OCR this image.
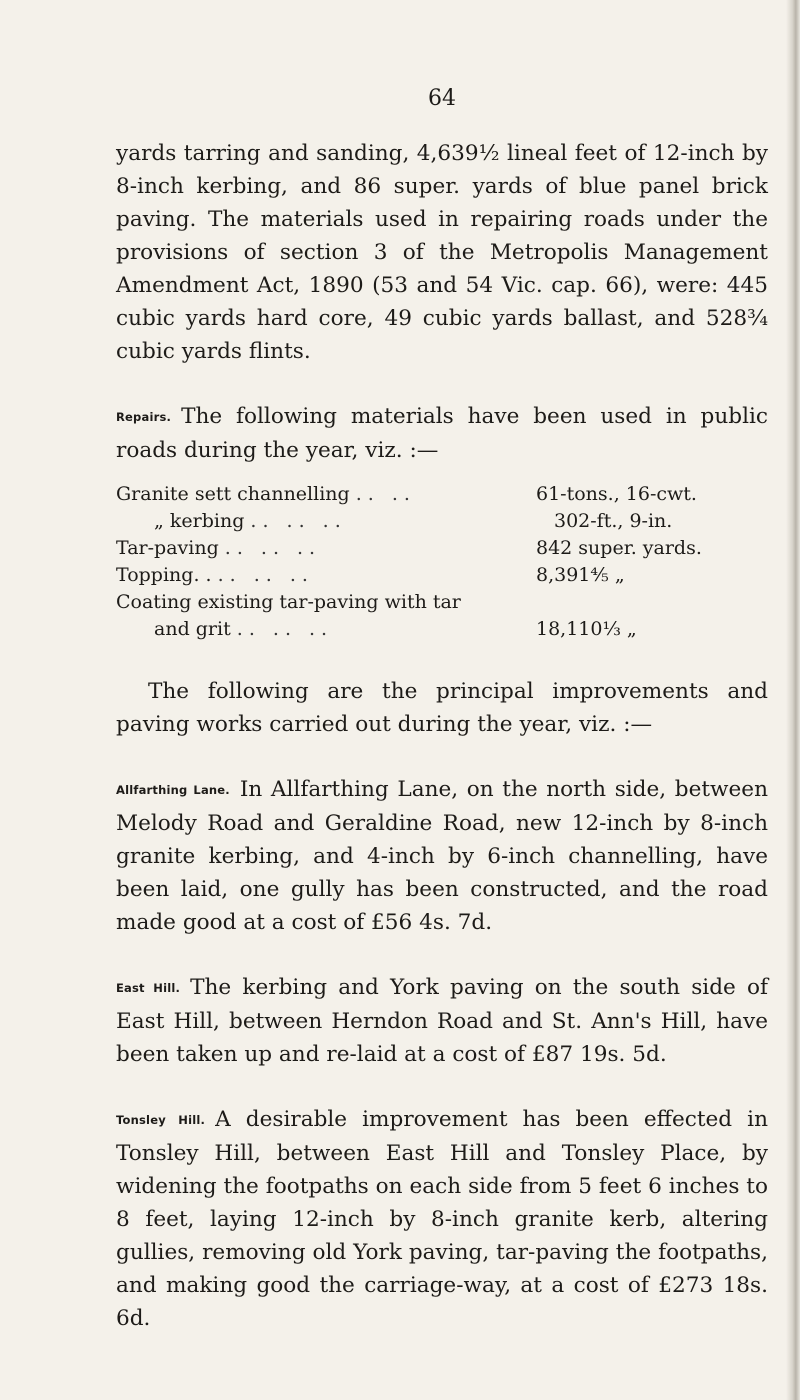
64

yards tarring and sanding, 4,639½ lineal feet of 12-inch by 8-inch kerbing, and 86 super. yards of blue panel brick paving. The materials used in repairing roads under the provisions of section 3 of the Metropolis Management Amendment Act, 1890 (53 and 54 Vic. cap. 66), were: 445 cubic yards hard core, 49 cubic yards ballast, and 528¾ cubic yards flints.

Repairs. The following materials have been used in public roads during the year, viz. :—

Granite sett channelling .. ..	61-tons., 16-cwt.
„ kerbing .. .. ..	302-ft., 9-in.
Tar-paving .. .. ..	842 super. yards.
Topping. . .. .. ..	8,391⅘ „
Coating existing tar-paving with tar
and grit .. .. ..	18,110⅓ „

The following are the principal improvements and paving works carried out during the year, viz. :—

Allfarthing Lane. In Allfarthing Lane, on the north side, between Melody Road and Geraldine Road, new 12-inch by 8-inch granite kerbing, and 4-inch by 6-inch channelling, have been laid, one gully has been constructed, and the road made good at a cost of £56 4s. 7d.

East Hill. The kerbing and York paving on the south side of East Hill, between Herndon Road and St. Ann's Hill, have been taken up and re-laid at a cost of £87 19s. 5d.

Tonsley Hill. A desirable improvement has been effected in Tonsley Hill, between East Hill and Tonsley Place, by widening the footpaths on each side from 5 feet 6 inches to 8 feet, laying 12-inch by 8-inch granite kerb, altering gullies, removing old York paving, tar-paving the footpaths, and making good the carriage-way, at a cost of £273 18s. 6d.
